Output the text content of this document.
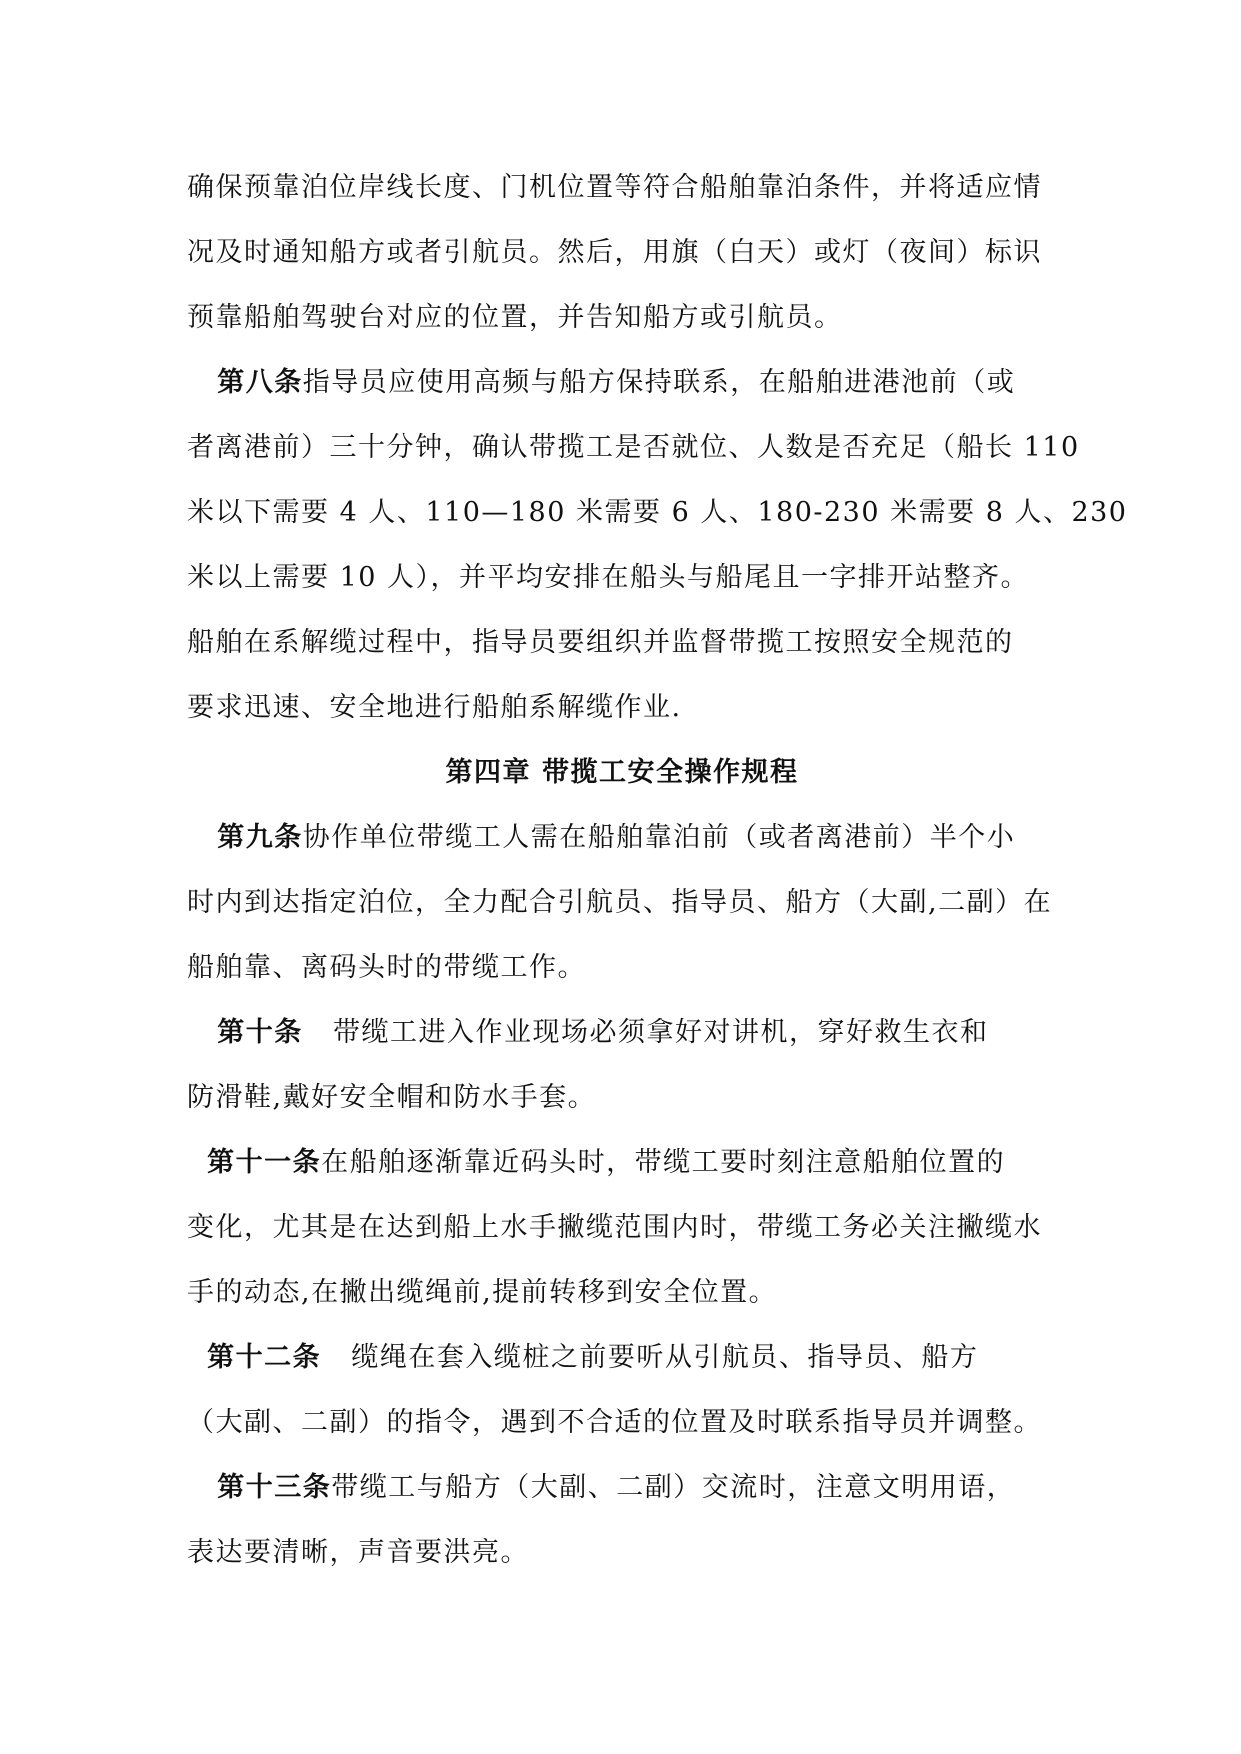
确保预靠泊位岸线长度、门机位置等符合船舶靠泊条件，并将适应情
况及时通知船方或者引航员。然后，用旗（白天）或灯（夜间）标识
预靠船舶驾驶台对应的位置，并告知船方或引航员。
第八条指导员应使用高频与船方保持联系，在船舶进港池前（或
者离港前）三十分钟，确认带揽工是否就位、人数是否充足（船长 110
米以下需要 4 人、110—180 米需要 6 人、180-230 米需要 8 人、230
米以上需要 10 人），并平均安排在船头与船尾且一字排开站整齐。
船舶在系解缆过程中，指导员要组织并监督带揽工按照安全规范的
要求迅速、安全地进行船舶系解缆作业.
第四章 带揽工安全操作规程
第九条协作单位带缆工人需在船舶靠泊前（或者离港前）半个小
时内到达指定泊位，全力配合引航员、指导员、船方（大副,二副）在
船舶靠、离码头时的带缆工作。
第十条 带缆工进入作业现场必须拿好对讲机，穿好救生衣和
防滑鞋,戴好安全帽和防水手套。
第十一条在船舶逐渐靠近码头时，带缆工要时刻注意船舶位置的
变化，尤其是在达到船上水手撇缆范围内时，带缆工务必关注撇缆水
手的动态,在撇出缆绳前,提前转移到安全位置。
第十二条 缆绳在套入缆桩之前要听从引航员、指导员、船方
（大副、二副）的指令，遇到不合适的位置及时联系指导员并调整。
第十三条带缆工与船方（大副、二副）交流时，注意文明用语，
表达要清晰，声音要洪亮。
